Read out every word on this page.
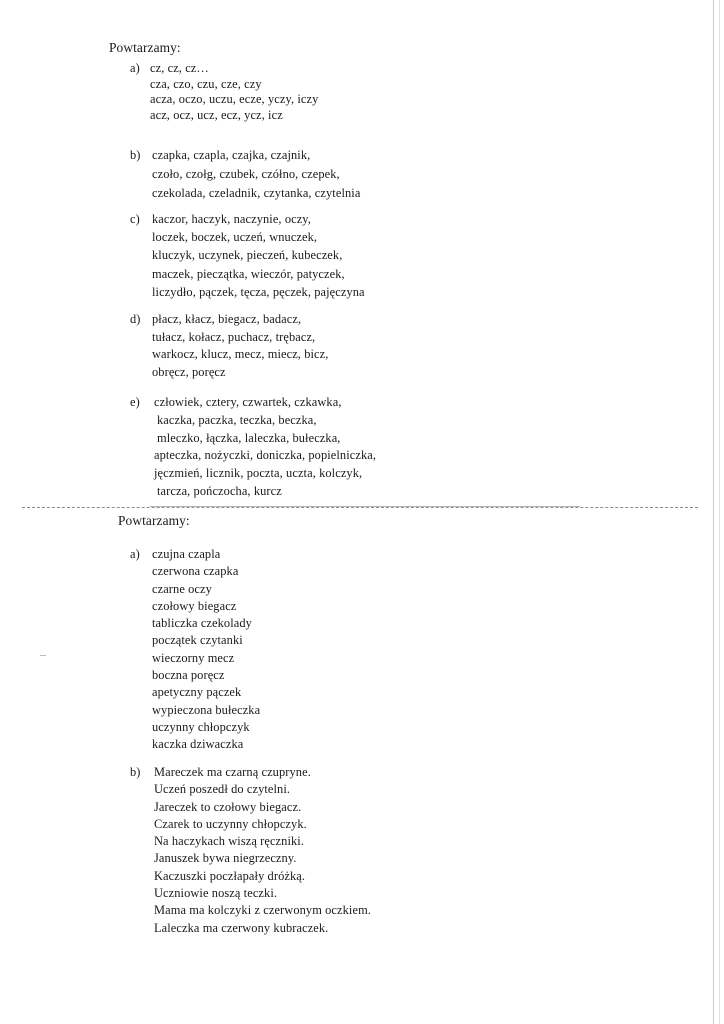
Powtarzamy:
a) cz, cz, cz…
cza, czo, czu, cze, czy
acza, oczo, uczu, ecze, yczy, iczy
acz, ocz, ucz, ecz, ycz, icz
b) czapka, czapla, czajka, czajnik,
czoło, czołg, czubek, czółno, czepek,
czekolada, czeladnik, czytanka, czytelnia
c) kaczor, haczyk, naczynie, oczy,
loczek, boczek, uczeń, wnuczek,
kluczyk, uczynek, pieczeń, kubeczek,
maczek, pieczątka, wieczór, patyczek,
liczydło, pączek, tęcza, pęczek, pajęczyna
d) płacz, kłacz, biegacz, badacz,
tułacz, kołacz, puchacz, trębacz,
warkocz, klucz, mecz, miecz, bicz,
obręcz, poręcz
e) człowiek, cztery, czwartek, czkawka,
kaczka, paczka, teczka, beczka,
mleczko, łączka, laleczka, bułeczka,
apteczka, nożyczki, doniczka, popielniczka,
jęczmień, licznik, poczta, uczta, kolczyk,
tarcza, pończocha, kurcz
Powtarzamy:
a) czujna czapla
czerwona czapka
czarne oczy
czołowy biegacz
tabliczka czekolady
początek czytanki
wieczorny mecz
boczna poręcz
apetyczny pączek
wypieczona bułeczka
uczynny chłopczyk
kaczka dziwaczka
b) Mareczek ma czarną czupryne.
Uczeń poszedł do czytelni.
Jareczek to czołowy biegacz.
Czarek to uczynny chłopczyk.
Na haczykach wiszą ręczniki.
Januszek bywa niegrzeczny.
Kaczuszki poczłapały dróżką.
Uczniowie noszą teczki.
Mama ma kolczyki z czerwonym oczkiem.
Laleczka ma czerwony kubraczek.
